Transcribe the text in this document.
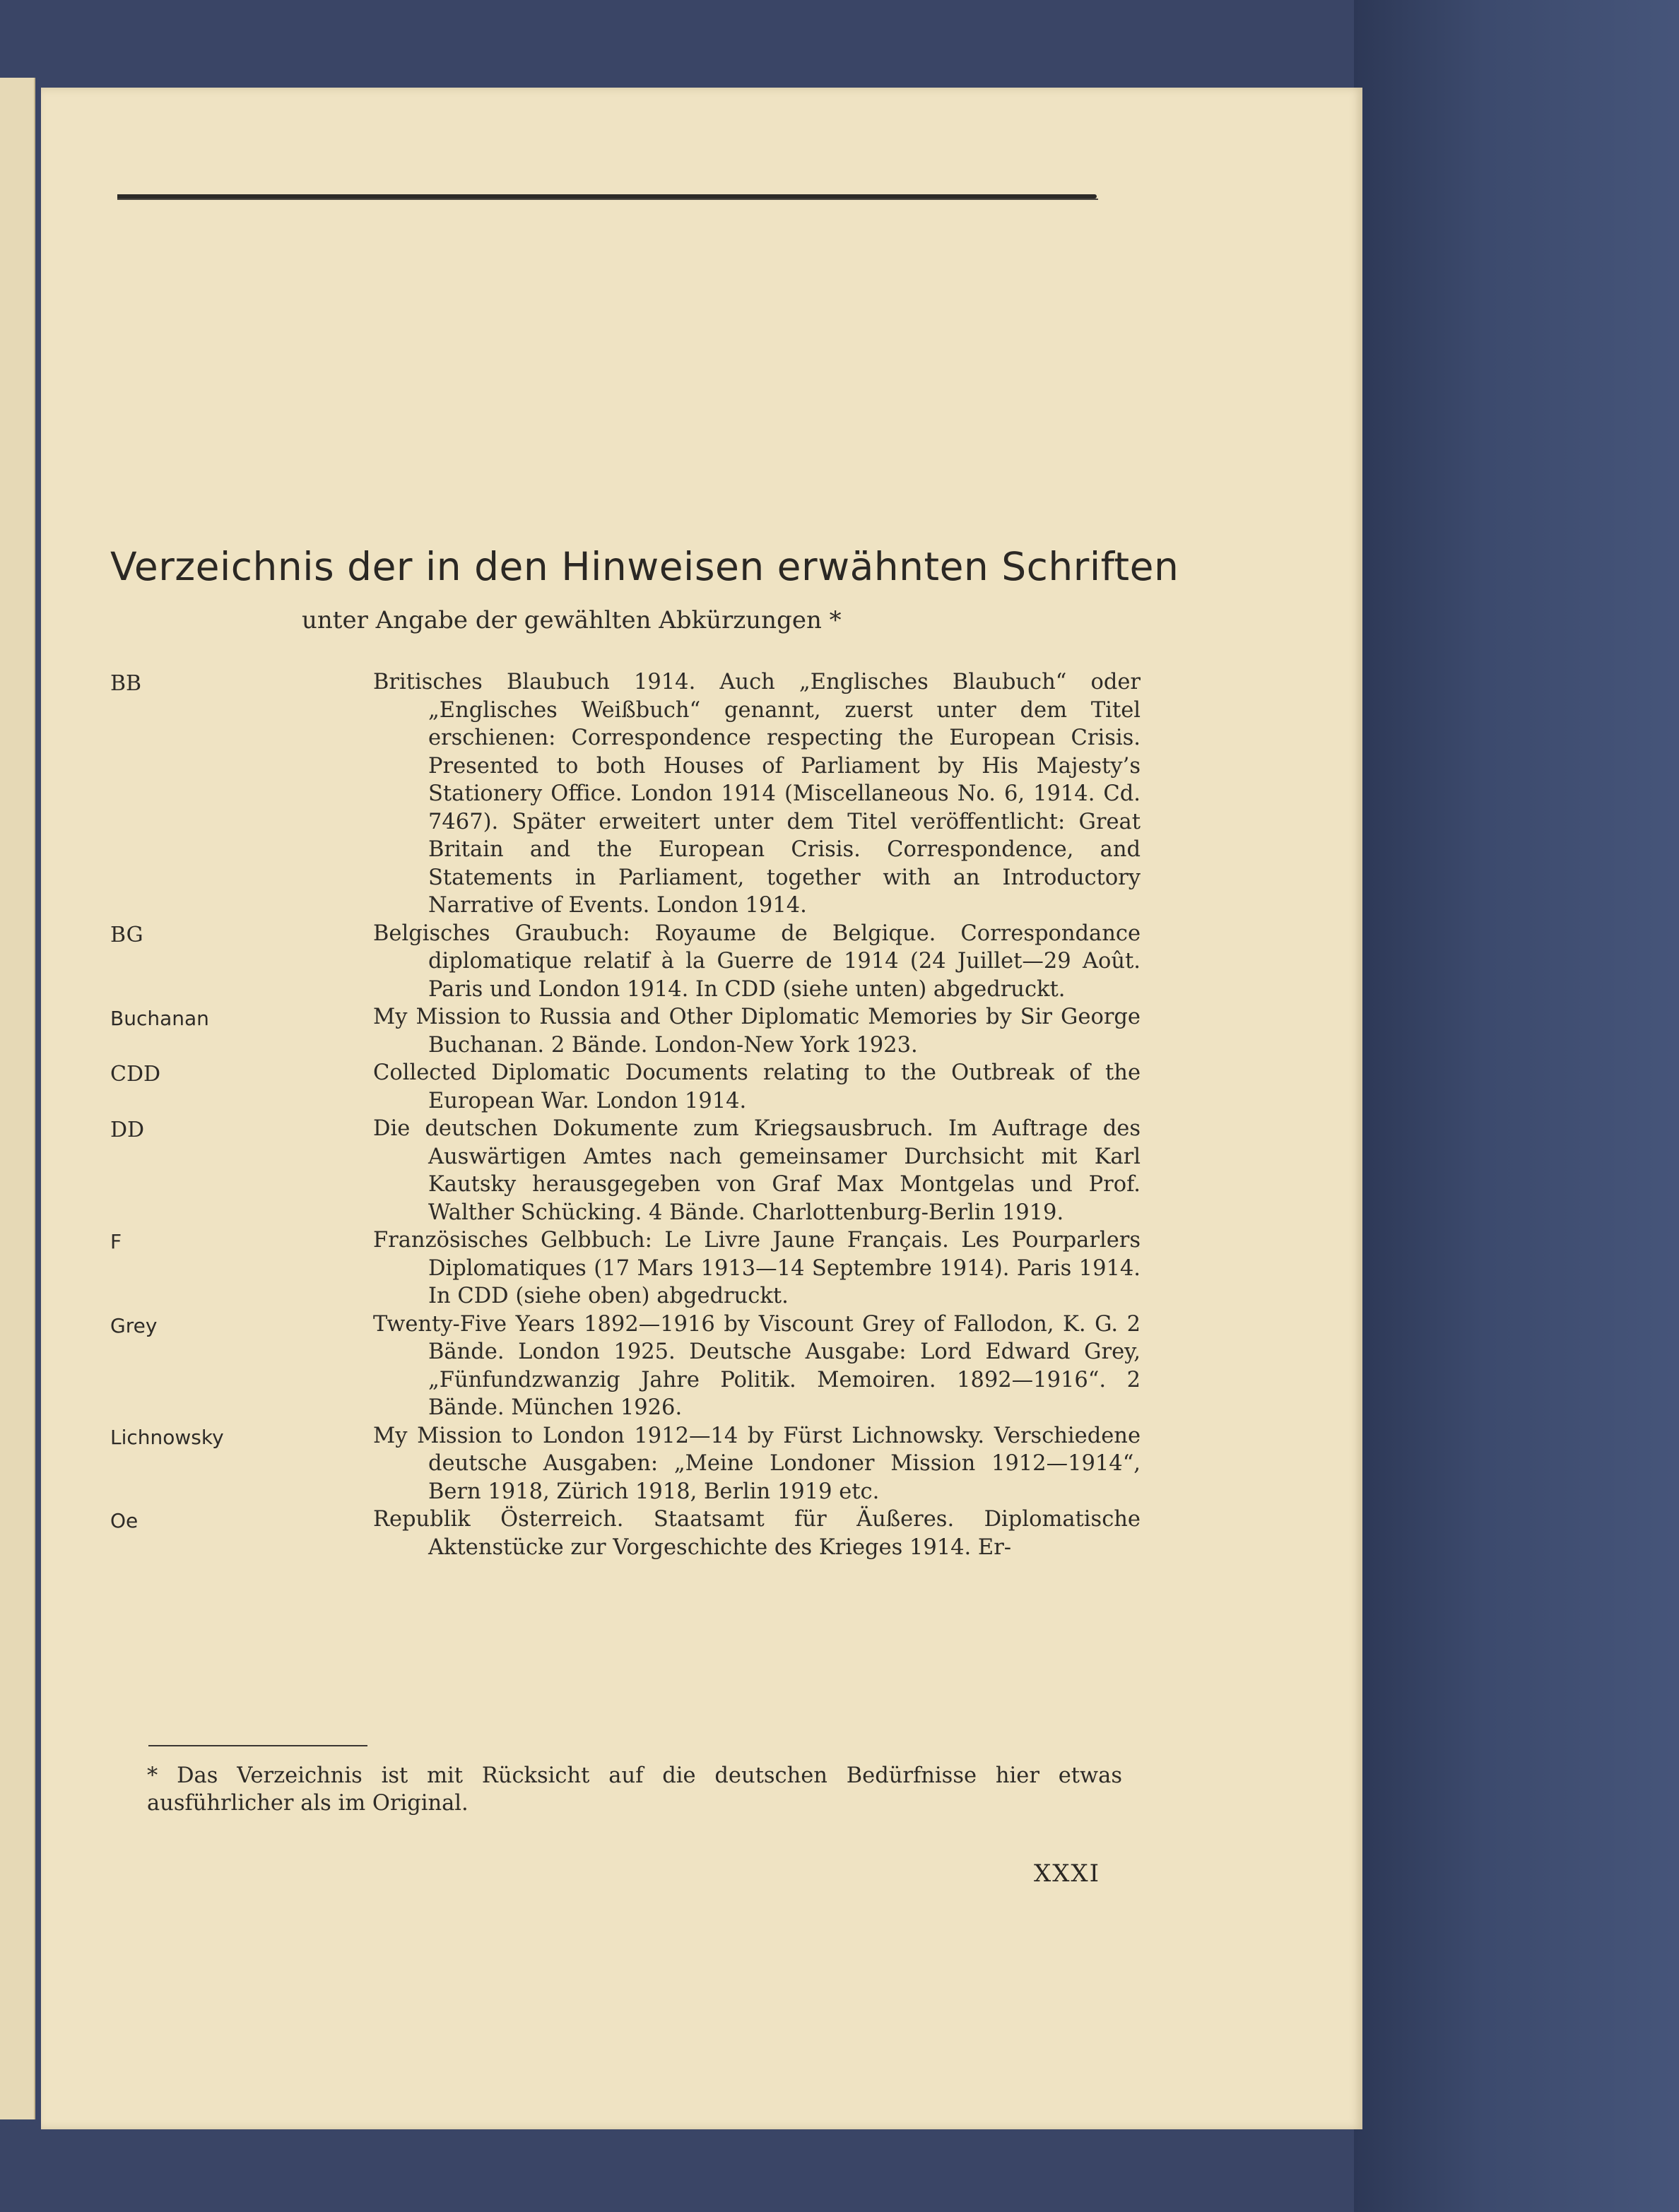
Verzeichnis der in den Hinweisen erwähnten Schriften
unter Angabe der gewählten Abkürzungen *
BB	Britisches Blaubuch 1914. Auch „Englisches Blaubuch“ oder „Englisches Weißbuch“ genannt, zuerst unter dem Titel erschienen: Correspondence respecting the European Crisis. Presented to both Houses of Parliament by His Majesty’s Stationery Office. London 1914 (Miscellaneous No. 6, 1914. Cd. 7467). Später erweitert unter dem Titel veröffentlicht: Great Britain and the European Crisis. Correspondence, and Statements in Parliament, together with an Introductory Narrative of Events. London 1914.
BG	Belgisches Graubuch: Royaume de Belgique. Correspondance diplomatique relatif à la Guerre de 1914 (24 Juillet—29 Août. Paris und London 1914. In CDD (siehe unten) abgedruckt.
Buchanan	My Mission to Russia and Other Diplomatic Memories by Sir George Buchanan. 2 Bände. London-New York 1923.
CDD	Collected Diplomatic Documents relating to the Outbreak of the European War. London 1914.
DD	Die deutschen Dokumente zum Kriegsausbruch. Im Auftrage des Auswärtigen Amtes nach gemeinsamer Durchsicht mit Karl Kautsky herausgegeben von Graf Max Montgelas und Prof. Walther Schücking. 4 Bände. Charlottenburg-Berlin 1919.
F	Französisches Gelbbuch: Le Livre Jaune Français. Les Pourparlers Diplomatiques (17 Mars 1913—14 Septembre 1914). Paris 1914. In CDD (siehe oben) abgedruckt.
Grey	Twenty-Five Years 1892—1916 by Viscount Grey of Fallodon, K. G. 2 Bände. London 1925. Deutsche Ausgabe: Lord Edward Grey, „Fünfundzwanzig Jahre Politik. Memoiren. 1892—1916“. 2 Bände. München 1926.
Lichnowsky	My Mission to London 1912—14 by Fürst Lichnowsky. Verschiedene deutsche Ausgaben: „Meine Londoner Mission 1912—1914“, Bern 1918, Zürich 1918, Berlin 1919 etc.
Oe	Republik Österreich. Staatsamt für Äußeres. Diplomatische Aktenstücke zur Vorgeschichte des Krieges 1914. Er-
* Das Verzeichnis ist mit Rücksicht auf die deutschen Bedürfnisse hier etwas ausführlicher als im Original.
XXXI
